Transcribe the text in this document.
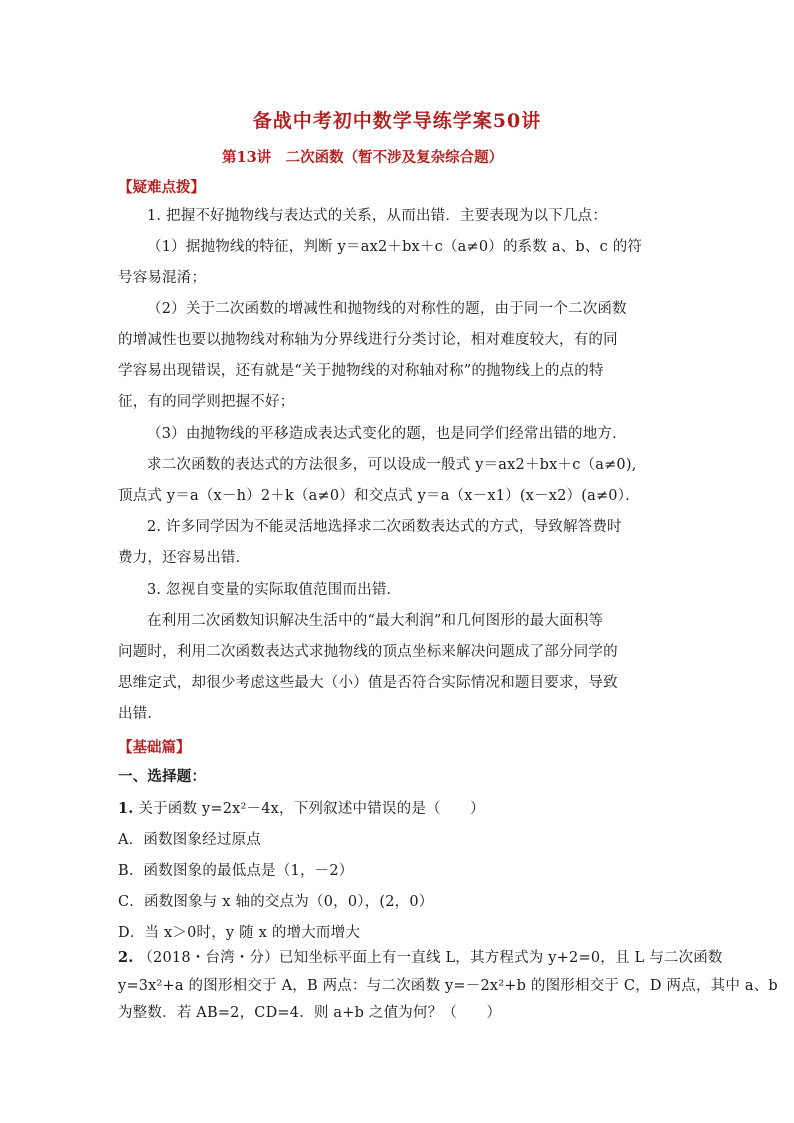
备战中考初中数学导练学案50讲
第13讲　二次函数（暂不涉及复杂综合题）
【疑难点拨】
1. 把握不好抛物线与表达式的关系，从而出错．主要表现为以下几点：
（1）据抛物线的特征，判断 y＝ax2＋bx＋c（a≠0）的系数 a、b、c 的符
号容易混淆；
（2）关于二次函数的增减性和抛物线的对称性的题，由于同一个二次函数
的增减性也要以抛物线对称轴为分界线进行分类讨论，相对难度较大，有的同
学容易出现错误，还有就是“关于抛物线的对称轴对称”的抛物线上的点的特
征，有的同学则把握不好；
（3）由抛物线的平移造成表达式变化的题，也是同学们经常出错的地方．
求二次函数的表达式的方法很多，可以设成一般式 y＝ax2＋bx＋c（a≠0),
顶点式 y＝a（x－h）2＋k（a≠0）和交点式 y＝a（x－x1）(x－x2）(a≠0）．
2. 许多同学因为不能灵活地选择求二次函数表达式的方式，导致解答费时
费力，还容易出错．
3. 忽视自变量的实际取值范围而出错．
在利用二次函数知识解决生活中的“最大利润”和几何图形的最大面积等
问题时，利用二次函数表达式求抛物线的顶点坐标来解决问题成了部分同学的
思维定式，却很少考虑这些最大（小）值是否符合实际情况和题目要求，导致
出错．
【基础篇】
一、选择题：
1. 关于函数 y=2x²－4x，下列叙述中错误的是（　　）
A．函数图象经过原点
B．函数图象的最低点是（1，－2）
C．函数图象与 x 轴的交点为（0，0），(2，0）
D．当 x＞0时，y 随 x 的增大而增大
2. （2018・台湾・分）已知坐标平面上有一直线 L，其方程式为 y+2=0，且 L 与二次函数
y=3x²+a 的图形相交于 A，B 两点：与二次函数 y=－2x²+b 的图形相交于 C，D 两点，其中 a、b
为整数．若 AB=2，CD=4．则 a+b 之值为何？（　　）
